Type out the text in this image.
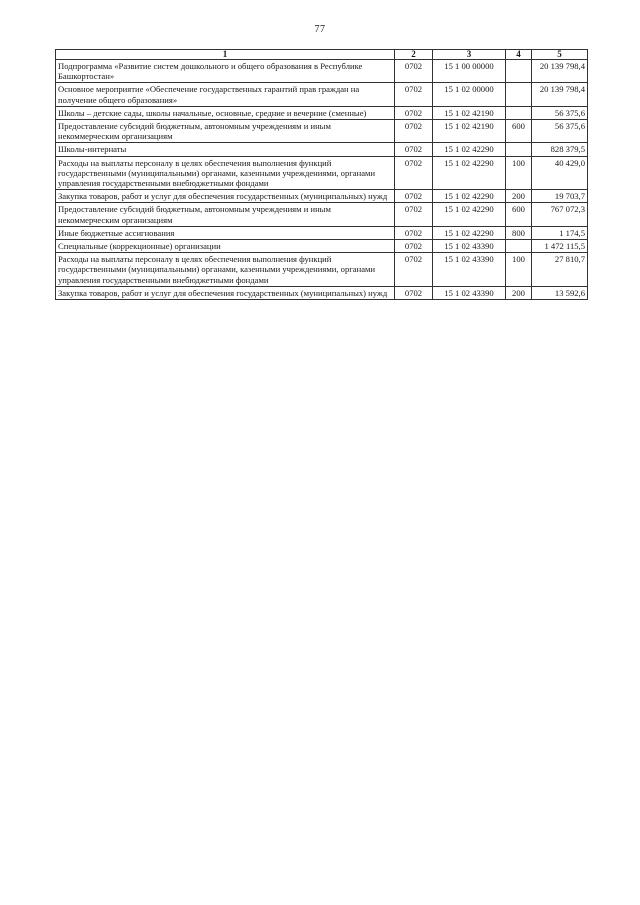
77
1	2	3	4	5
Подпрограмма «Развитие систем дошкольного и общего образования в Республике Башкортостан»	0702	15 1 00 00000		20 139 798,4
Основное мероприятие «Обеспечение государственных гарантий прав граждан на получение общего образования»	0702	15 1 02 00000		20 139 798,4
Школы – детские сады, школы начальные, основные, средние и вечерние (сменные)	0702	15 1 02 42190		56 375,6
Предоставление субсидий бюджетным, автономным учреждениям и иным некоммерческим организациям	0702	15 1 02 42190	600	56 375,6
Школы-интернаты	0702	15 1 02 42290		828 379,5
Расходы на выплаты персоналу в целях обеспечения выполнения функций государственными (муниципальными) органами, казенными учреждениями, органами управления государственными внебюджетными фондами	0702	15 1 02 42290	100	40 429,0
Закупка товаров, работ и услуг для обеспечения государственных (муниципальных) нужд	0702	15 1 02 42290	200	19 703,7
Предоставление субсидий бюджетным, автономным учреждениям и иным некоммерческим организациям	0702	15 1 02 42290	600	767 072,3
Иные бюджетные ассигнования	0702	15 1 02 42290	800	1 174,5
Специальные (коррекционные) организации	0702	15 1 02 43390		1 472 115,5
Расходы на выплаты персоналу в целях обеспечения выполнения функций государственными (муниципальными) органами, казенными учреждениями, органами управления государственными внебюджетными фондами	0702	15 1 02 43390	100	27 810,7
Закупка товаров, работ и услуг для обеспечения государственных (муниципальных) нужд	0702	15 1 02 43390	200	13 592,6
